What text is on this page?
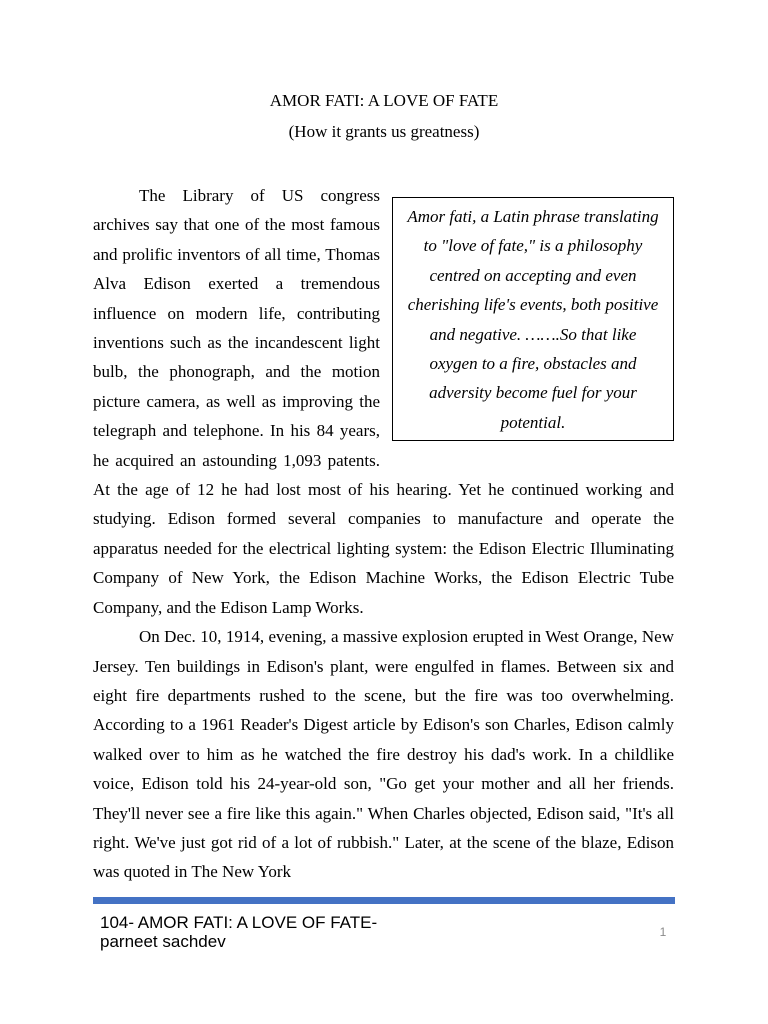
AMOR FATI: A LOVE OF FATE
(How it grants us greatness)

Amor fati, a Latin phrase translating to "love of fate," is a philosophy centred on accepting and even cherishing life's events, both positive and negative. …….So that like oxygen to a fire, obstacles and adversity become fuel for your potential.
The Library of US congress archives say that one of the most famous and prolific inventors of all time, Thomas Alva Edison exerted a tremendous influence on modern life, contributing inventions such as the incandescent light bulb, the phonograph, and the motion picture camera, as well as improving the telegraph and telephone. In his 84 years, he acquired an astounding 1,093 patents. At the age of 12 he had lost most of his hearing. Yet he continued working and studying. Edison formed several companies to manufacture and operate the apparatus needed for the electrical lighting system: the Edison Electric Illuminating Company of New York, the Edison Machine Works, the Edison Electric Tube Company, and the Edison Lamp Works.

On Dec. 10, 1914, evening, a massive explosion erupted in West Orange, New Jersey. Ten buildings in Edison's plant, were engulfed in flames. Between six and eight fire departments rushed to the scene, but the fire was too overwhelming. According to a 1961 Reader's Digest article by Edison's son Charles, Edison calmly walked over to him as he watched the fire destroy his dad's work. In a childlike voice, Edison told his 24-year-old son, "Go get your mother and all her friends. They'll never see a fire like this again." When Charles objected, Edison said, "It's all right. We've just got rid of a lot of rubbish." Later, at the scene of the blaze, Edison was quoted in The New York

104- AMOR FATI: A LOVE OF FATE-parneet sachdev	1
